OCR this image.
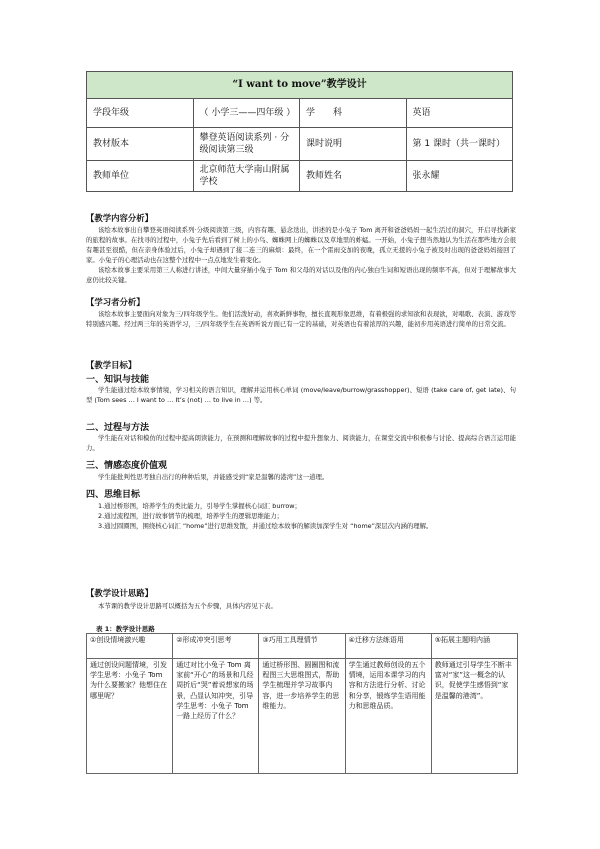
“I want to move”教学设计			
学段年级	（ 小学三——四年级 ）	学　　科	英语
教材版本	攀登英语阅读系列 · 分级阅读第三级	课时说明	第 1 课时（共一课时）
教师单位	北京师范大学南山附属学校	教师姓名	张永耀
【教学内容分析】

该绘本故事出自攀登英语阅读系列·分级阅读第三级，内容有趣、悬念迭出，讲述的是小兔子 Tom 离开和爸爸妈妈一起生活过的洞穴，开启寻找新家的旅程的故事。在找寻的过程中，小兔子先后看到了树上的小鸟、蜘蛛网上的蜘蛛以及草地里的蚱蜢。一开始，小兔子想当然地认为生活在那些地方会很有趣甚至很酷，但在亲身体验过后，小兔子却遇到了接二连三的麻烦：最终，在一个雷雨交加的夜晚，孤立无援的小兔子被及时出现的爸爸妈妈接回了家。小兔子的心理活动也在这整个过程中一点点地发生着变化。

该绘本故事主要采用第三人称进行讲述，中间大量穿插小兔子 Tom 和父母的对话以及他的内心独白生词和短语出现的频率不高，但对于理解故事大意仍比较关键。

【学习者分析】

该绘本故事主要面向对象为三/四年级学生。他们活泼好动，喜欢新鲜事物，擅长直观形象思维，有着极强的求知欲和表现欲，对唱歌、表演、游戏等特别感兴趣。经过两三年的英语学习，三/四年级学生在英语听说方面已有一定的基础，对英语也有着浓厚的兴趣，能初步用英语进行简单的日常交流。

【教学目标】
一、知识与技能

学生能通过绘本故事情境，学习相关的语言知识，理解并运用核心单词 (move/leave/burrow/grasshopper)、短语 (take care of, get late)、句型 (Tom sees … I want to … It’s (not) … to live in …) 等。

二、过程与方法

学生能在对话和模仿的过程中提高朗读能力，在预测和理解故事的过程中提升想象力、阅读能力，在课堂交流中积极参与讨论、提高综合语言运用能力。

三、情感态度价值观

学生能批判性思考独自出行的种种后果，并能感受到“家是温馨的港湾”这一道理。

四、思维目标

1.通过桥形图，培养学生的类比能力，引导学生掌握核心词汇 burrow；

2.通过流程图，进行故事情节的梳理，培养学生的逻辑思维能力；

3.通过圆圈图，围绕核心词汇 “home”进行思维发散，并通过绘本故事的解读加深学生对 “home”深层次内涵的理解。

【教学设计思路】

本节课的教学设计思路可以概括为五个步骤，具体内容见下表。

表 1：教学设计思路
①创设情境激兴趣	②形成冲突引思考	③巧用工具理情节	④迁移方法练语用	⑤拓展主题明内涵
通过创设问题情境，引发学生思考：小兔子 Tom 为什么要搬家？他想住在哪里呢？	通过对比小兔子 Tom 离家前“开心”的场景和几经周折后“哭”着说想家的场景，凸显认知冲突，引导学生思考：小兔子 Tom 一路上经历了什么？	通过桥形图、圆圈图和流程图三大思维图式，帮助学生梳理并学习故事内容，进一步培养学生的思维能力。	学生通过教师创设的五个情境，运用本课学习的内容和方法进行分析、讨论和分享，锻炼学生语用能力和思维品质。	教师通过引导学生不断丰富对“家”这一概念的认识，促使学生感悟到“家是温馨的港湾”。
